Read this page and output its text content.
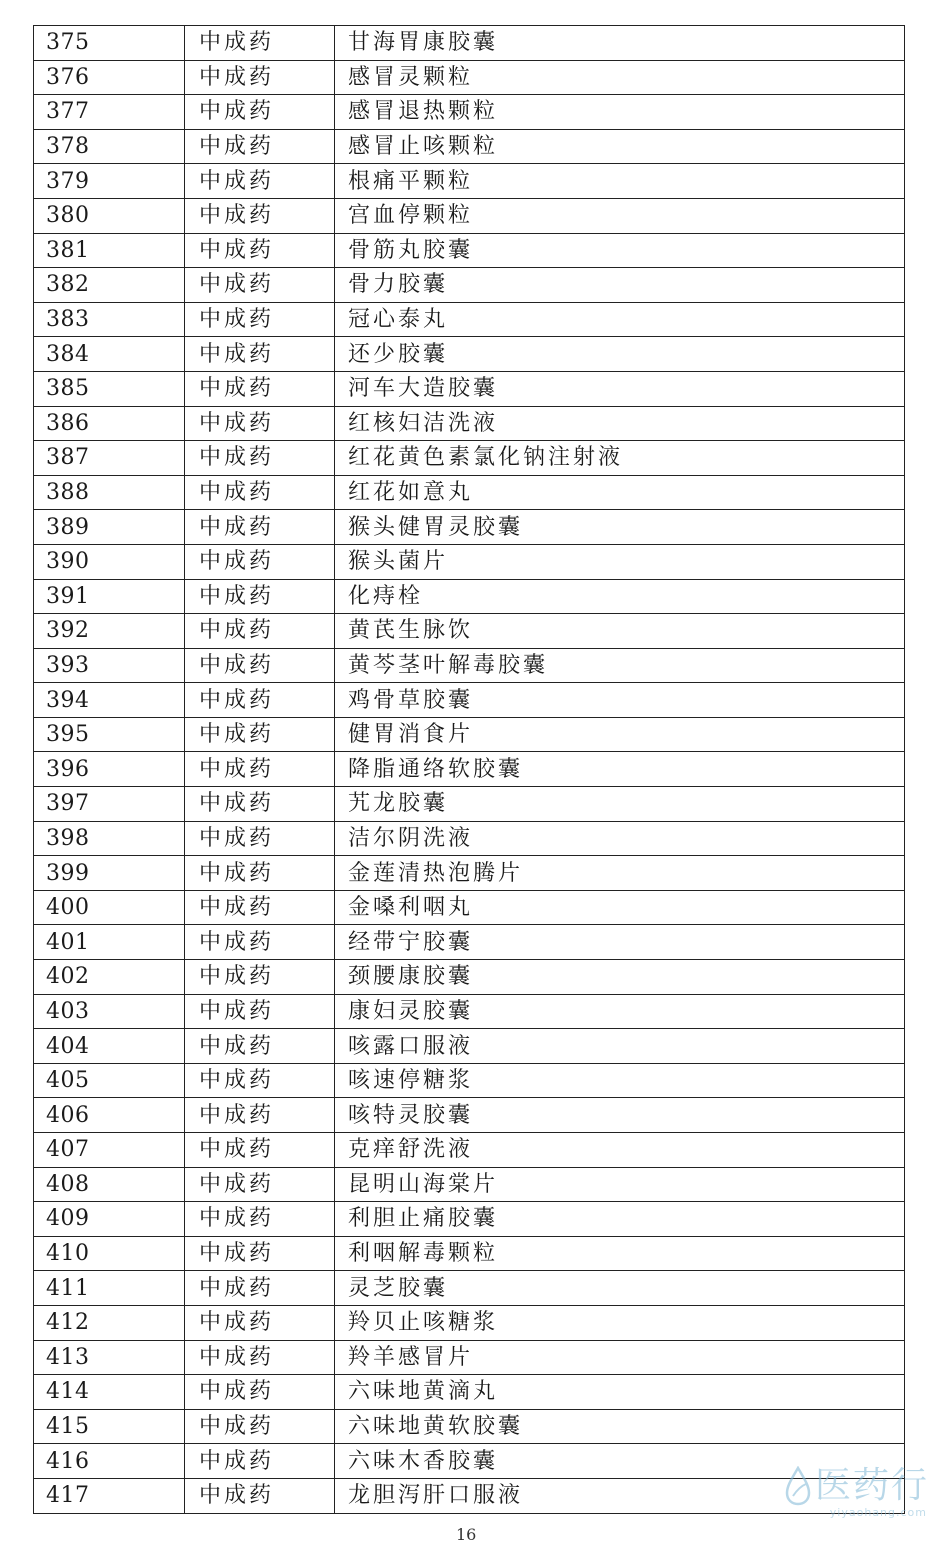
375	中成药	甘海胃康胶囊
376	中成药	感冒灵颗粒
377	中成药	感冒退热颗粒
378	中成药	感冒止咳颗粒
379	中成药	根痛平颗粒
380	中成药	宫血停颗粒
381	中成药	骨筋丸胶囊
382	中成药	骨力胶囊
383	中成药	冠心泰丸
384	中成药	还少胶囊
385	中成药	河车大造胶囊
386	中成药	红核妇洁洗液
387	中成药	红花黄色素氯化钠注射液
388	中成药	红花如意丸
389	中成药	猴头健胃灵胶囊
390	中成药	猴头菌片
391	中成药	化痔栓
392	中成药	黄芪生脉饮
393	中成药	黄芩茎叶解毒胶囊
394	中成药	鸡骨草胶囊
395	中成药	健胃消食片
396	中成药	降脂通络软胶囊
397	中成药	艽龙胶囊
398	中成药	洁尔阴洗液
399	中成药	金莲清热泡腾片
400	中成药	金嗓利咽丸
401	中成药	经带宁胶囊
402	中成药	颈腰康胶囊
403	中成药	康妇灵胶囊
404	中成药	咳露口服液
405	中成药	咳速停糖浆
406	中成药	咳特灵胶囊
407	中成药	克痒舒洗液
408	中成药	昆明山海棠片
409	中成药	利胆止痛胶囊
410	中成药	利咽解毒颗粒
411	中成药	灵芝胶囊
412	中成药	羚贝止咳糖浆
413	中成药	羚羊感冒片
414	中成药	六味地黄滴丸
415	中成药	六味地黄软胶囊
416	中成药	六味木香胶囊
417	中成药	龙胆泻肝口服液
16
医药行
yiyaohang.com
